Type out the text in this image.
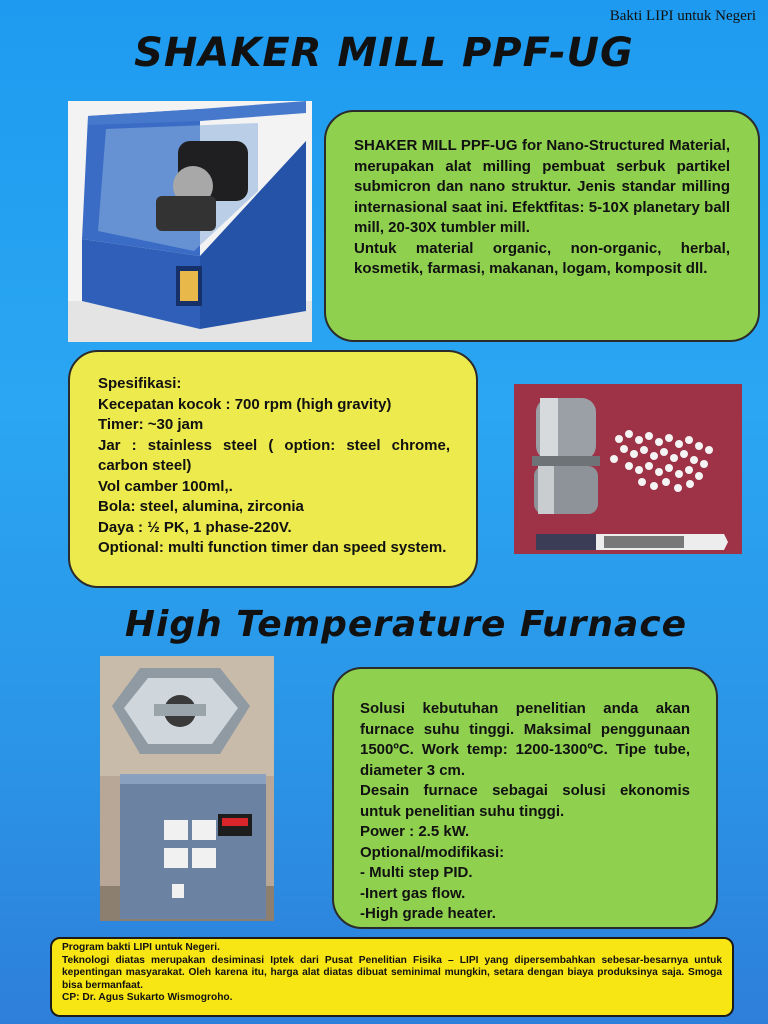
Bakti LIPI untuk Negeri
SHAKER MILL PPF-UG

SHAKER MILL PPF-UG for Nano-Structured Material, merupakan alat milling pembuat serbuk partikel submicron dan nano struktur. Jenis standar milling internasional saat ini. Efektfitas: 5-10X planetary ball mill, 20-30X tumbler mill.

Untuk material organic, non-organic, herbal, kosmetik, farmasi, makanan, logam, komposit dll.

Spesifikasi:

Kecepatan kocok : 700 rpm (high gravity)

Timer: ~30 jam

Jar : stainless steel ( option: steel chrome, carbon steel)

Vol camber 100ml,.

Bola: steel, alumina, zirconia

Daya : ½ PK, 1 phase-220V.

Optional: multi function timer dan speed system.

High Temperature Furnace

Solusi kebutuhan penelitian anda akan furnace suhu tinggi. Maksimal penggunaan 1500ºC. Work temp: 1200-1300ºC. Tipe tube, diameter 3 cm.

Desain furnace sebagai solusi ekonomis untuk penelitian suhu tinggi.

Power : 2.5 kW.

Optional/modifikasi:

- Multi step PID.

-Inert gas flow.

-High grade heater.

Program bakti LIPI untuk Negeri.

Teknologi diatas merupakan desiminasi Iptek dari Pusat Penelitian Fisika – LIPI yang dipersembahkan sebesar-besarnya untuk kepentingan masyarakat. Oleh karena itu, harga alat diatas dibuat seminimal mungkin, setara dengan biaya produksinya saja. Smoga bisa bermanfaat.

CP: Dr. Agus Sukarto Wismogroho.
